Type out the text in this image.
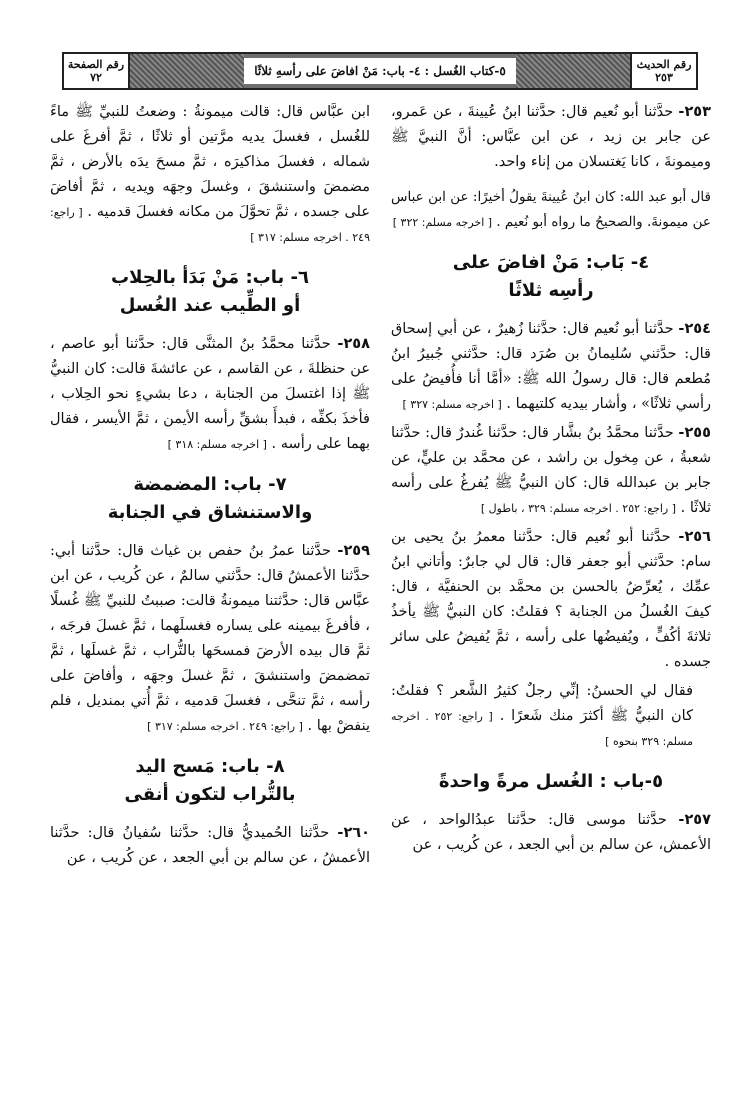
رقم الحديث
٢٥٣
٥-كتاب الغُسل : ٤- باب: مَنْ افاضَ على رأسهِ ثلاثًا
رقم الصفحة
٧٢

٢٥٣- حدَّثنا أبو نُعيم قال: حدَّثنا ابنُ عُيينةَ ، عن عَمرو، عن جابر بن زيد ، عن ابن عبَّاس: أنَّ النبيَّ ﷺ وميمونةَ ، كانا يَغتسلان من إناء واحد.

قال أبو عبد الله: كان ابنُ عُيينةَ يقولُ أخيرًا: عن ابن عباس عن ميمونةَ. والصحيحُ ما رواه أبو نُعيم . [ اخرجه مسلم: ٣٢٢ ]

٤- بَاب: مَنْ افاضَ على
رأسِه ثلاثًا

٢٥٤- حدَّثنا أبو نُعيم قال: حدَّثنا زُهيرٌ ، عن أبي إسحاق قال: حدَّثني سُليمانُ بن صُرَد قال: حدَّثني جُبيرُ ابنُ مُطعم قال: قال رسولُ الله ﷺ: «أمَّا أنا فأُفيضُ على رأسي ثلاثًا» ، وأشار بيديه كلتيهما . [ اخرجه مسلم: ٣٢٧ ]

٢٥٥- حدَّثنا محمَّدُ بنُ بشَّار قال: حدَّثنا غُندرٌ قال: حدَّثنا شعبةُ ، عن مِخول بن راشد ، عن محمَّد بن عليٍّ، عن جابر بن عبدالله قال: كان النبيُّ ﷺ يُفرغُ على رأسه ثلاثًا . [ راجع: ٢٥٢ . اخرجه مسلم: ٣٢٩ ، باطول ]

٢٥٦- حدَّثنا أبو نُعيم قال: حدَّثنا معمرُ بنُ يحيى بن سام: حدَّثني أبو جعفر قال: قال لي جابرٌ: وأتاني ابنُ عمِّك ، يُعرِّضُ بالحسن بن محمَّد بن الحنفيَّة ، قال: كيفَ الغُسلُ من الجنابة ؟ فقلتُ: كان النبيُّ ﷺ يأخذُ ثلاثةَ أكُفٍّ ، ويُفيضُها على رأسه ، ثمَّ يُفيضُ على سائر جسده .

فقال لي الحسنُ: إنِّي رجلٌ كثيرُ الشَّعر ؟ فقلتُ: كان النبيُّ ﷺ أكثرَ منك شَعرًا . [ راجع: ٢٥٢ . اخرجه مسلم: ٣٢٩ بنحوه ]

٥-باب : الغُسل مرةً واحدةً

٢٥٧- حدَّثنا موسى قال: حدَّثنا عبدُالواحد ، عن الأعمش، عن سالم بن أبي الجعد ، عن كُريب ، عن

ابن عبَّاس قال: قالت ميمونةُ : وضعتُ للنبيِّ ﷺ ماءً للغُسل ، فغسلَ يديه مرَّتين أو ثلاثًا ، ثمَّ أفرغَ على شماله ، فغسلَ مذاكيرَه ، ثمَّ مسحَ يدَه بالأرض ، ثمَّ مضمضَ واستنشقَ ، وغسلَ وجهَه ويديه ، ثمَّ أفاضَ على جسده ، ثمَّ تحوَّلَ من مكانه فغسلَ قدميه . [ راجع: ٢٤٩ . اخرجه مسلم: ٣١٧ ]

٦- باب: مَنْ بَدَأ بالحِلاب
أو الطِّيب عند الغُسل

٢٥٨- حدَّثنا محمَّدُ بنُ المثنَّى قال: حدَّثنا أبو عاصم ، عن حنظلةَ ، عن القاسم ، عن عائشةَ قالت: كان النبيُّ ﷺ إذا اغتسلَ من الجنابة ، دعا بشيءٍ نحو الحِلاب ، فأخذَ بكفِّه ، فبدأَ بشقِّ رأسه الأيمن ، ثمَّ الأيسر ، فقال بهما على رأسه . [ اخرجه مسلم: ٣١٨ ]

٧- باب: المضمضة
والاستنشاق في الجنابة

٢٥٩- حدَّثنا عمرُ بنُ حفص بن غياث قال: حدَّثنا أبي: حدَّثنا الأعمشُ قال: حدَّثني سالمٌ ، عن كُريب ، عن ابن عبَّاس قال: حدَّثتنا ميمونةُ قالت: صببتُ للنبيِّ ﷺ غُسلًا ، فأفرغَ بيمينه على يساره فغسلَهما ، ثمَّ غسلَ فرجَه ، ثمَّ قال بيده الأرضَ فمسحَها بالتُّراب ، ثمَّ غسلَها ، ثمَّ تمضمضَ واستنشقَ ، ثمَّ غسلَ وجهَه ، وأفاضَ على رأسه ، ثمَّ تنحَّى ، فغسلَ قدميه ، ثمَّ أُتي بمنديل ، فلم ينفضْ بها . [ راجع: ٢٤٩ . اخرجه مسلم: ٣١٧ ]

٨- باب: مَسح اليد
بالتُّراب لتكون أنقى

٢٦٠- حدَّثنا الحُميديُّ قال: حدَّثنا سُفيانُ قال: حدَّثنا الأعمشُ ، عن سالم بن أبي الجعد ، عن كُريب ، عن
